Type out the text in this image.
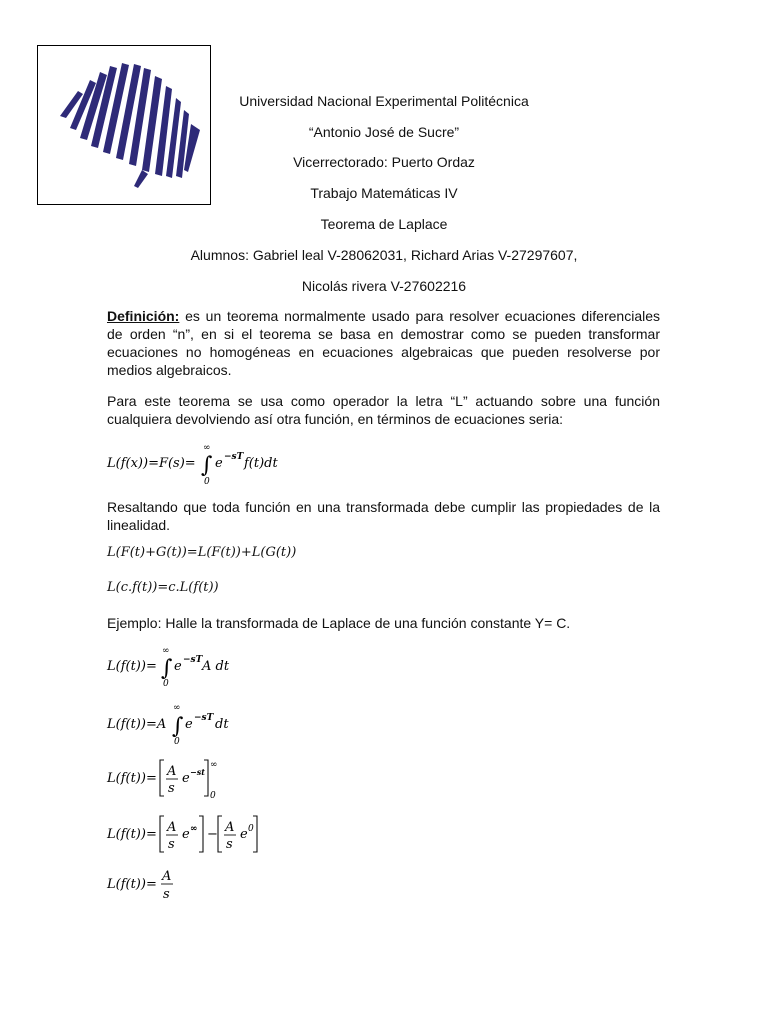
Universidad Nacional Experimental Politécnica
“Antonio José de Sucre”
Vicerrectorado: Puerto Ordaz
Trabajo Matemáticas IV
Teorema de Laplace
Alumnos: Gabriel leal V-28062031, Richard Arias V-27297607,
Nicolás rivera V-27602216
Definición: es un teorema normalmente usado para resolver ecuaciones diferenciales de orden “n”, en si el teorema se basa en demostrar como se pueden transformar ecuaciones no homogéneas en ecuaciones algebraicas que pueden resolverse por medios algebraicos.
Para este teorema se usa como operador la letra “L” actuando sobre una función cualquiera devolviendo así otra función, en términos de ecuaciones seria:
L(f(x))=F(s)= ∫
∞
0
e −sT f(t)dt
Resaltando que toda función en una transformada debe cumplir las propiedades de la linealidad.
L(F(t)+G(t))=L(F(t))+L(G(t))
L(c.f(t))=c.L(f(t))
Ejemplo: Halle la transformada de Laplace de una función constante Y= C.
L(f(t))= ∫
∞
0
e −sT A dt
L(f(t))=A ∫
∞
0
e −sT dt
L(f(t))= A
s
e −st
∞
0
L(f(t))= A
s
e ∞ − A
s
e 0
L(f(t))=
A
s
